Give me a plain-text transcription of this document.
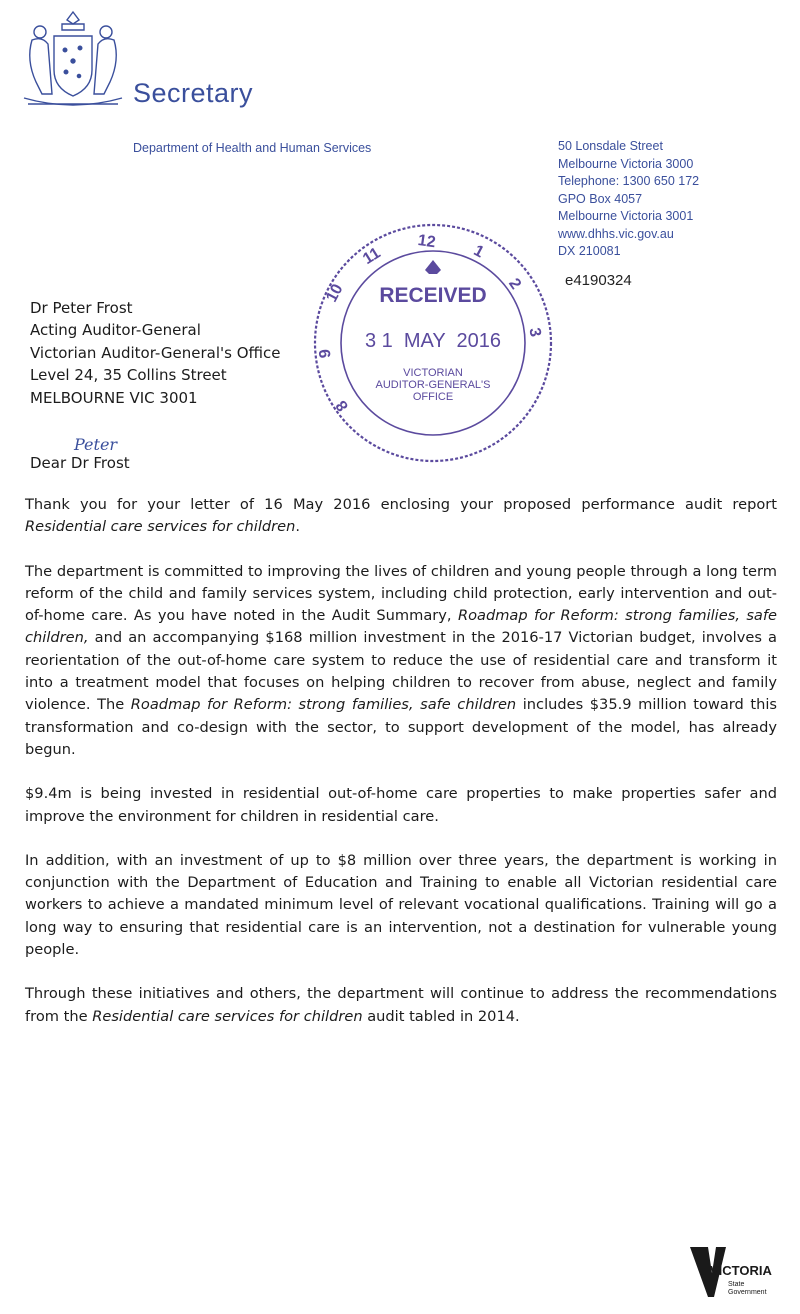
Secretary
Department of Health and Human Services	50 Lonsdale Street
Melbourne Victoria 3000
Telephone: 1300 650 172
GPO Box 4057
Melbourne Victoria 3001
www.dhhs.vic.gov.au
DX 210081
e4190324
12
1
2
3
8
9
10
11
RECEIVED
3 1  MAY  2016
VICTORIAN
AUDITOR-GENERAL'S
OFFICE
Dr Peter Frost
Acting Auditor-General
Victorian Auditor-General's Office
Level 24, 35 Collins Street
MELBOURNE VIC 3001
Peter
Dear Dr Frost

Thank you for your letter of 16 May 2016 enclosing your proposed performance audit report Residential care services for children.

The department is committed to improving the lives of children and young people through a long term reform of the child and family services system, including child protection, early intervention and out-of-home care. As you have noted in the Audit Summary, Roadmap for Reform: strong families, safe children, and an accompanying $168 million investment in the 2016-17 Victorian budget, involves a reorientation of the out-of-home care system to reduce the use of residential care and transform it into a treatment model that focuses on helping children to recover from abuse, neglect and family violence. The Roadmap for Reform: strong families, safe children includes $35.9 million toward this transformation and co-design with the sector, to support development of the model, has already begun.

$9.4m is being invested in residential out-of-home care properties to make properties safer and improve the environment for children in residential care.

In addition, with an investment of up to $8 million over three years, the department is working in conjunction with the Department of Education and Training to enable all Victorian residential care workers to achieve a mandated minimum level of relevant vocational qualifications. Training will go a long way to ensuring that residential care is an intervention, not a destination for vulnerable young people.

Through these initiatives and others, the department will continue to address the recommendations from the Residential care services for children audit tabled in 2014.

VICTORIA
State
Government
